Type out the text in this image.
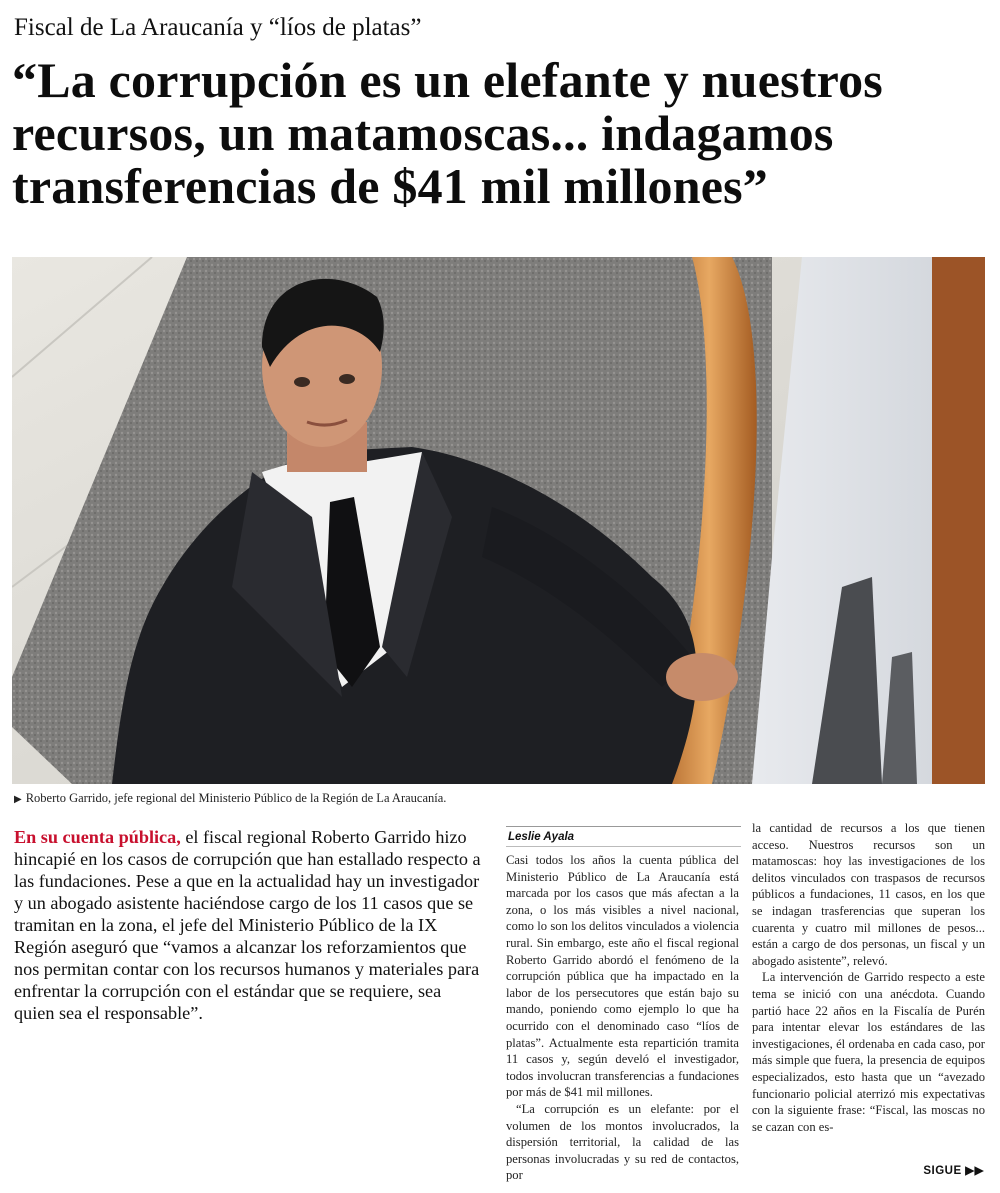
Fiscal de La Araucanía y “líos de platas”
“La corrupción es un elefante y nuestros recursos, un matamoscas... indagamos transferencias de $41 mil millones”
▶ Roberto Garrido, jefe regional del Ministerio Público de la Región de La Araucanía.
En su cuenta pública, el fiscal regional Roberto Garrido hizo hincapié en los casos de corrupción que han estallado respecto a las fundaciones. Pese a que en la actualidad hay un investigador y un abogado asistente haciéndose cargo de los 11 casos que se tramitan en la zona, el jefe del Ministerio Público de la IX Región aseguró que “vamos a alcanzar los reforzamientos que nos permitan contar con los recursos humanos y materiales para enfrentar la corrupción con el estándar que se requiere, sea quien sea el responsable”.
Leslie Ayala

Casi todos los años la cuenta pública del Ministerio Público de La Araucanía está marcada por los casos que más afectan a la zona, o los más visibles a nivel nacional, como lo son los delitos vinculados a violencia rural. Sin embargo, este año el fiscal regional Roberto Garrido abordó el fenómeno de la corrupción pública que ha impactado en la labor de los persecutores que están bajo su mando, poniendo como ejemplo lo que ha ocurrido con el denominado caso “líos de platas”. Actualmente esta repartición tramita 11 casos y, según develó el investigador, todos involucran transferencias a fundaciones por más de $41 mil millones.

“La corrupción es un elefante: por el volumen de los montos involucrados, la dispersión territorial, la calidad de las personas involucradas y su red de contactos, por

la cantidad de recursos a los que tienen acceso. Nuestros recursos son un matamoscas: hoy las investigaciones de los delitos vinculados con traspasos de recursos públicos a fundaciones, 11 casos, en los que se indagan trasferencias que superan los cuarenta y cuatro mil millones de pesos... están a cargo de dos personas, un fiscal y un abogado asistente”, relevó.

La intervención de Garrido respecto a este tema se inició con una anécdota. Cuando partió hace 22 años en la Fiscalía de Purén para intentar elevar los estándares de las investigaciones, él ordenaba en cada caso, por más simple que fuera, la presencia de equipos especializados, esto hasta que un “avezado funcionario policial aterrizó mis expectativas con la siguiente frase: “Fiscal, las moscas no se cazan con es-

SIGUE ▶▶
